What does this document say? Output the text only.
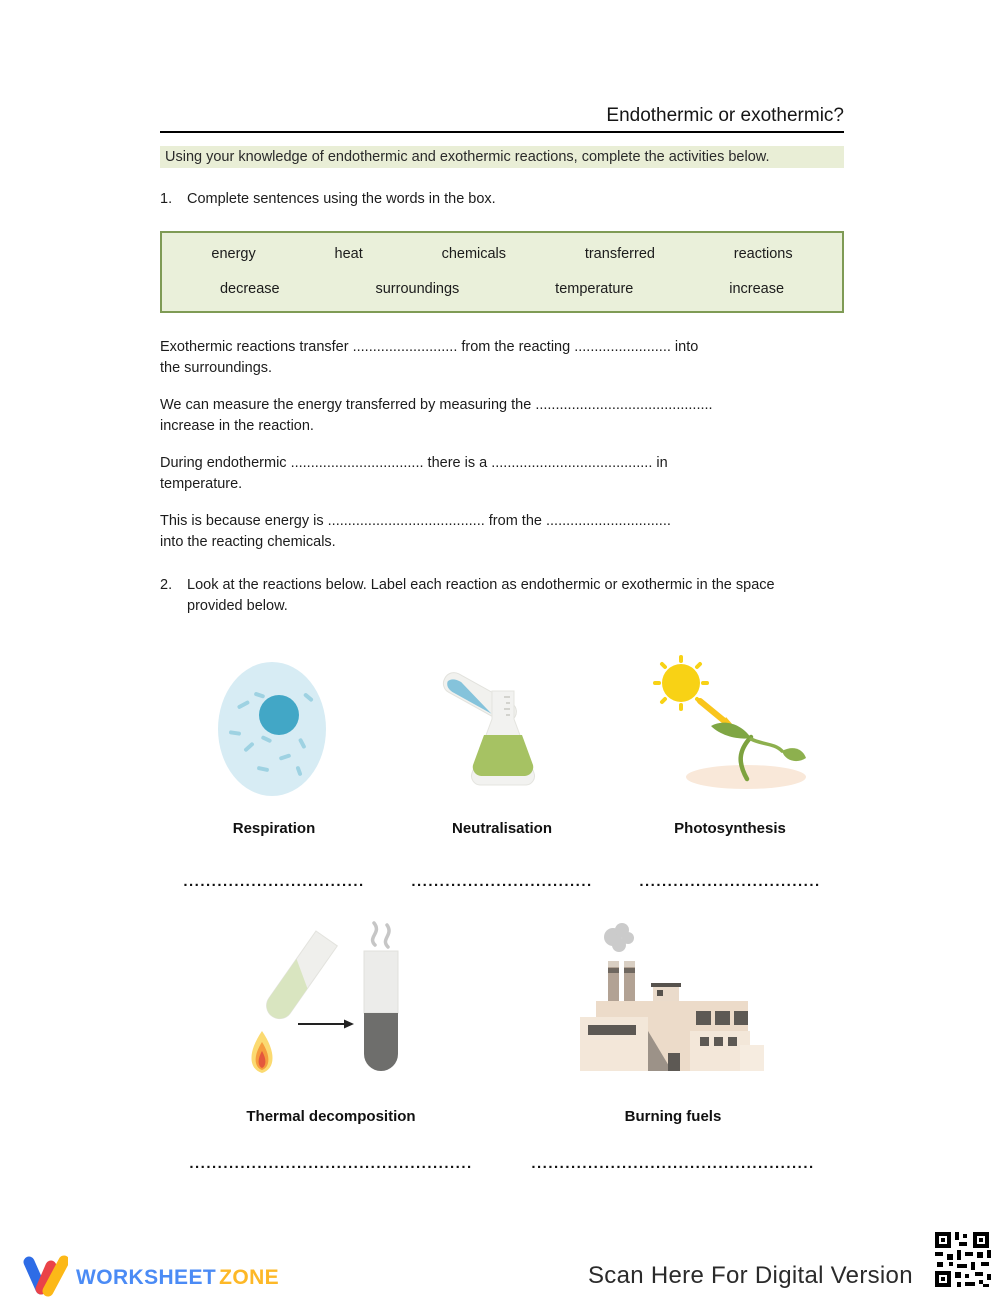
Endothermic or exothermic?
Using your knowledge of endothermic and exothermic reactions, complete the activities below.
1.	Complete sentences using the words in the box.
energy	heat	chemicals	transferred	reactions
decrease	surroundings	temperature	increase
Exothermic reactions transfer .......................... from the reacting ........................ into
the surroundings.
We can measure the energy transferred by measuring the ............................................
increase in the reaction.
During endothermic ................................. there is a ........................................ in
temperature.
This is because energy is ....................................... from the ...............................
into the reacting chemicals.
2.	Look at the reactions below. Label each reaction as endothermic or exothermic in the space
provided below.
Respiration	Neutralisation	Photosynthesis
................................	................................	................................
Thermal decomposition	Burning fuels
..................................................	..................................................
WORKSHEET ZONE	Scan Here For Digital Version
